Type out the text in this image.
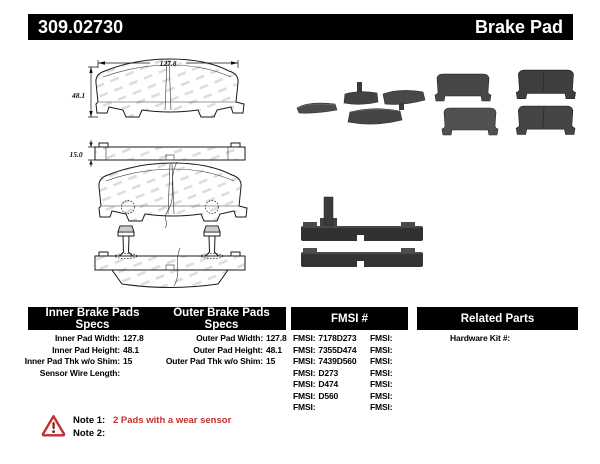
309.02730	Brake Pad
127.8
48.1
15.0
Inner Brake Pads Specs
Outer Brake Pads Specs	FMSI #	Related Parts
Inner Pad Width: 127.8
Inner Pad Height: 48.1
Inner Pad Thk w/o Shim: 15
Sensor Wire Length:
Outer Pad Width: 127.8
Outer Pad Height: 48.1
Outer Pad Thk w/o Shim: 15
FMSI: 7178D273
FMSI: 7355D474
FMSI: 7439D560
FMSI: D273
FMSI: D474
FMSI: D560
FMSI:
FMSI:
FMSI:
FMSI:
FMSI:
FMSI:
FMSI:
FMSI:
Hardware Kit #:
Note 1: 2 Pads with a wear sensor
Note 2:
